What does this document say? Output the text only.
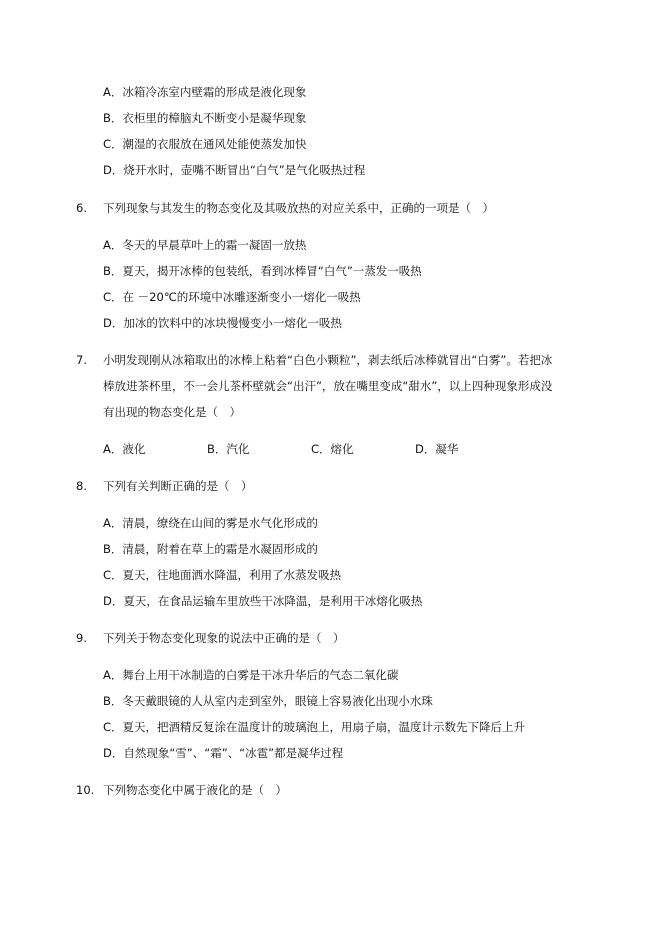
A．冰箱冷冻室内壁霜的形成是液化现象
B．衣柜里的樟脑丸不断变小是凝华现象
C．潮湿的衣服放在通风处能使蒸发加快
D．烧开水时，壶嘴不断冒出“白气”是气化吸热过程
6. 下列现象与其发生的物态变化及其吸放热的对应关系中，正确的一项是（　）
A．冬天的早晨草叶上的霜一凝固一放热
B．夏天，揭开冰棒的包装纸，看到冰棒冒“白气”一蒸发一吸热
C．在 －20℃的环境中冰雕逐渐变小一熔化一吸热
D．加冰的饮料中的冰块慢慢变小一熔化一吸热
7. 小明发现刚从冰箱取出的冰棒上粘着“白色小颗粒”，剥去纸后冰棒就冒出“白雾”。若把冰
棒放进茶杯里，不一会儿茶杯壁就会“出汗”，放在嘴里变成“甜水”，以上四种现象形成没
有出现的物态变化是（　）
A．液化	B．汽化	C．熔化	D．凝华
8. 下列有关判断正确的是（　）
A．清晨，缭绕在山间的雾是水气化形成的
B．清晨，附着在草上的霜是水凝固形成的
C．夏天，往地面洒水降温，利用了水蒸发吸热
D．夏天，在食品运输车里放些干冰降温，是利用干冰熔化吸热
9. 下列关于物态变化现象的说法中正确的是（　）
A．舞台上用干冰制造的白雾是干冰升华后的气态二氧化碳
B．冬天戴眼镜的人从室内走到室外，眼镜上容易液化出现小水珠
C．夏天，把酒精反复涂在温度计的玻璃泡上，用扇子扇，温度计示数先下降后上升
D．自然现象“雪”、“霜”、“冰雹”都是凝华过程
10. 下列物态变化中属于液化的是（　）
